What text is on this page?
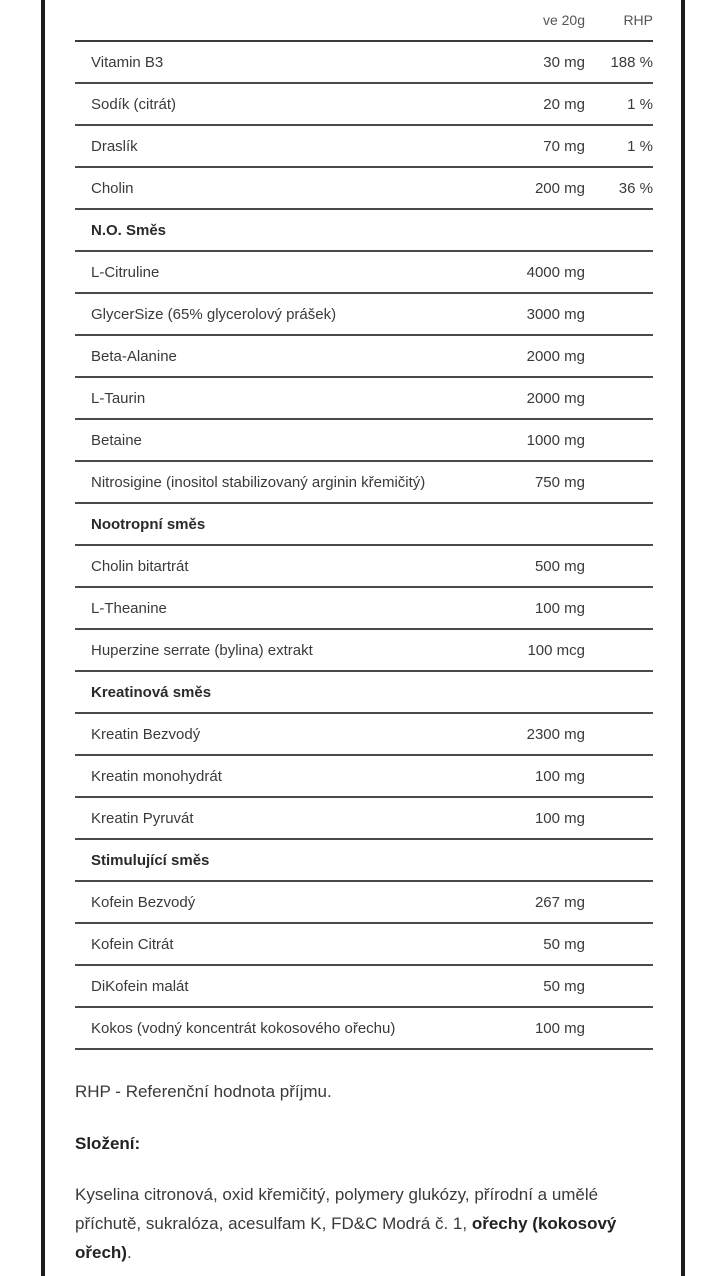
	ve 20g	RHP
Vitamin B3	30 mg	188 %
Sodík (citrát)	20 mg	1 %
Draslík	70 mg	1 %
Cholin	200 mg	36 %
N.O. Směs		
L-Citruline	4000 mg	
GlycerSize (65% glycerolový prášek)	3000 mg	
Beta-Alanine	2000 mg	
L-Taurin	2000 mg	
Betaine	1000 mg	
Nitrosigine (inositol stabilizovaný arginin křemičitý)	750 mg	
Nootropní směs		
Cholin bitartrát	500 mg	
L-Theanine	100 mg	
Huperzine serrate (bylina) extrakt	100 mcg	
Kreatinová směs		
Kreatin Bezvodý	2300 mg	
Kreatin monohydrát	100 mg	
Kreatin Pyruvát	100 mg	
Stimulující směs		
Kofein Bezvodý	267 mg	
Kofein Citrát	50 mg	
DiKofein malát	50 mg	
Kokos (vodný koncentrát kokosového ořechu)	100 mg	
RHP - Referenční hodnota příjmu.
Složení:
Kyselina citronová, oxid křemičitý, polymery glukózy, přírodní a umělé příchutě, sukralóza, acesulfam K, FD&C Modrá č. 1, ořechy (kokosový ořech).
